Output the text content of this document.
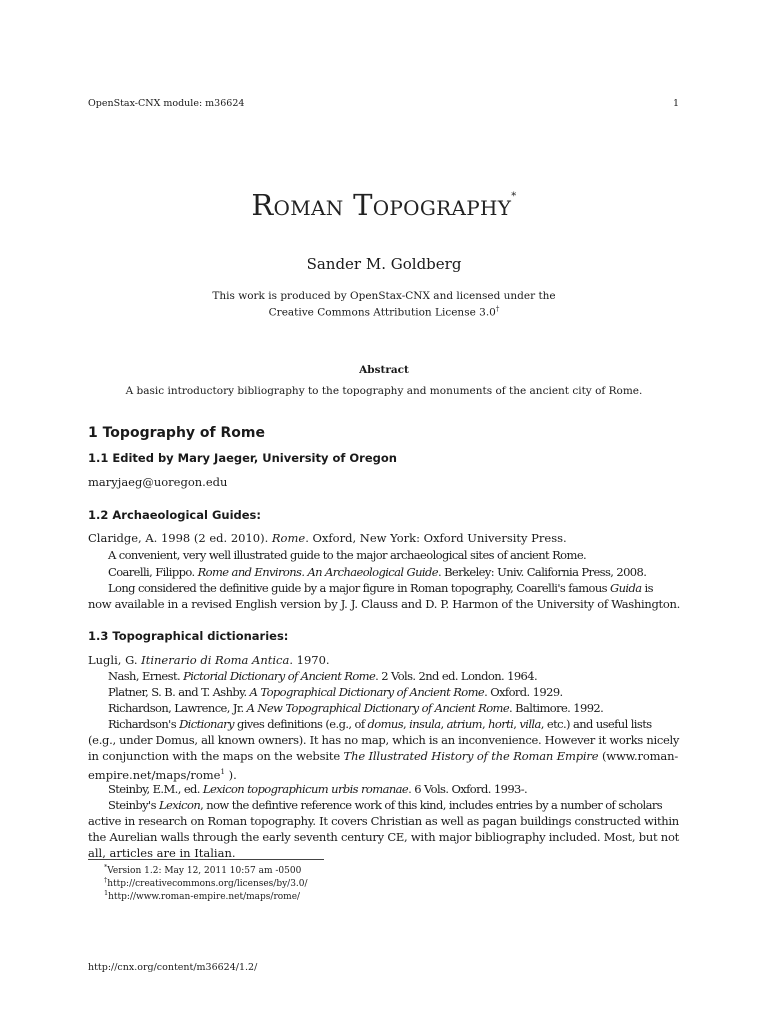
OpenStax-CNX module: m36624	1
Roman Topography*
Sander M. Goldberg
This work is produced by OpenStax-CNX and licensed under the
Creative Commons Attribution License 3.0†
Abstract
A basic introductory bibliography to the topography and monuments of the ancient city of Rome.
1 Topography of Rome
1.1 Edited by Mary Jaeger, University of Oregon
maryjaeg@uoregon.edu
1.2 Archaeological Guides:
Claridge, A. 1998 (2 ed. 2010). Rome. Oxford, New York: Oxford University Press.
A convenient, very well illustrated guide to the major archaeological sites of ancient Rome.
Coarelli, Filippo. Rome and Environs. An Archaeological Guide. Berkeley: Univ. California Press, 2008.
Long considered the definitive guide by a major figure in Roman topography, Coarelli's famous Guida is
now available in a revised English version by J. J. Clauss and D. P. Harmon of the University of Washington.
1.3 Topographical dictionaries:
Lugli, G. Itinerario di Roma Antica. 1970.
Nash, Ernest. Pictorial Dictionary of Ancient Rome. 2 Vols. 2nd ed. London. 1964.
Platner, S. B. and T. Ashby. A Topographical Dictionary of Ancient Rome. Oxford. 1929.
Richardson, Lawrence, Jr. A New Topographical Dictionary of Ancient Rome. Baltimore. 1992.
Richardson's Dictionary gives definitions (e.g., of domus, insula, atrium, horti, villa, etc.) and useful lists
(e.g., under Domus, all known owners). It has no map, which is an inconvenience. However it works nicely
in conjunction with the maps on the website The Illustrated History of the Roman Empire (www.roman-
empire.net/maps/rome$^1$ ).
Steinby, E.M., ed. Lexicon topographicum urbis romanae. 6 Vols. Oxford. 1993-.
Steinby's Lexicon, now the defintive reference work of this kind, includes entries by a number of scholars
active in research on Roman topography. It covers Christian as well as pagan buildings constructed within
the Aurelian walls through the early seventh century CE, with major bibliography included. Most, but not
all, articles are in Italian.
*Version 1.2: May 12, 2011 10:57 am -0500
†http://creativecommons.org/licenses/by/3.0/
$^1$http://www.roman-empire.net/maps/rome/
http://cnx.org/content/m36624/1.2/
